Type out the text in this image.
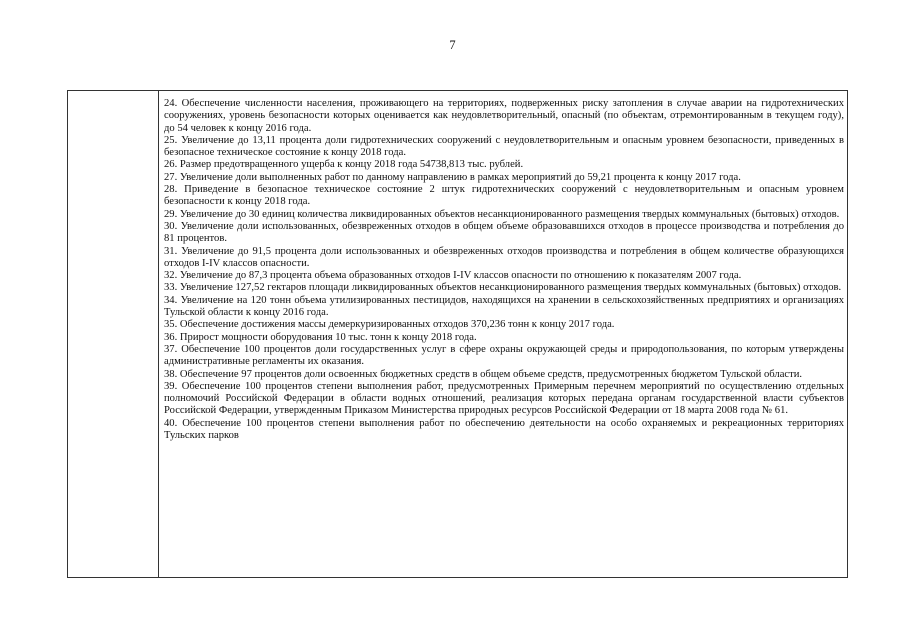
7

24. Обеспечение численности населения, проживающего на территориях, подверженных риску затопления в случае аварии на гидротехнических сооружениях, уровень безопасности которых оценивается как неудовлетворительный, опасный (по объектам, отремонтированным в текущем году), до 54 человек к концу 2016 года.

25. Увеличение до 13,11 процента доли гидротехнических сооружений с неудовлетворительным и опасным уровнем безопасности, приведенных в безопасное техническое состояние к концу 2018 года.

26. Размер предотвращенного ущерба к концу 2018 года 54738,813 тыс. рублей.

27. Увеличение доли выполненных работ по данному направлению в рамках мероприятий до 59,21 процента к концу 2017 года.

28. Приведение в безопасное техническое состояние 2 штук гидротехнических сооружений с неудовлетворительным и опасным уровнем безопасности к концу 2018 года.

29. Увеличение до 30 единиц количества ликвидированных объектов несанкционированного размещения твердых коммунальных (бытовых) отходов.

30. Увеличение доли использованных, обезвреженных отходов в общем объеме образовавшихся отходов в процессе производства и потребления до 81 процентов.

31. Увеличение до 91,5 процента доли использованных и обезвреженных отходов производства и потребления в общем количестве образующихся отходов I-IV классов опасности.

32. Увеличение до 87,3 процента объема образованных отходов I-IV классов опасности по отношению к показателям 2007 года.

33. Увеличение 127,52 гектаров площади ликвидированных объектов несанкционированного размещения твердых коммунальных (бытовых) отходов.

34. Увеличение на 120 тонн объема утилизированных пестицидов, находящихся на хранении в сельскохозяйственных предприятиях и организациях Тульской области к концу 2016 года.

35. Обеспечение достижения массы демеркуризированных отходов 370,236 тонн к концу 2017 года.

36. Прирост мощности оборудования 10 тыс. тонн к концу 2018 года.

37. Обеспечение 100 процентов доли государственных услуг в сфере охраны окружающей среды и природопользования, по которым утверждены административные регламенты их оказания.

38. Обеспечение 97 процентов доли освоенных бюджетных средств в общем объеме средств, предусмотренных бюджетом Тульской области.

39. Обеспечение 100 процентов степени выполнения работ, предусмотренных Примерным перечнем мероприятий по осуществлению отдельных полномочий Российской Федерации в области водных отношений, реализация которых передана органам государственной власти субъектов Российской Федерации, утвержденным Приказом Министерства природных ресурсов Российской Федерации от 18 марта 2008 года № 61.

40. Обеспечение 100 процентов степени выполнения работ по обеспечению деятельности на особо охраняемых и рекреационных территориях Тульских парков
